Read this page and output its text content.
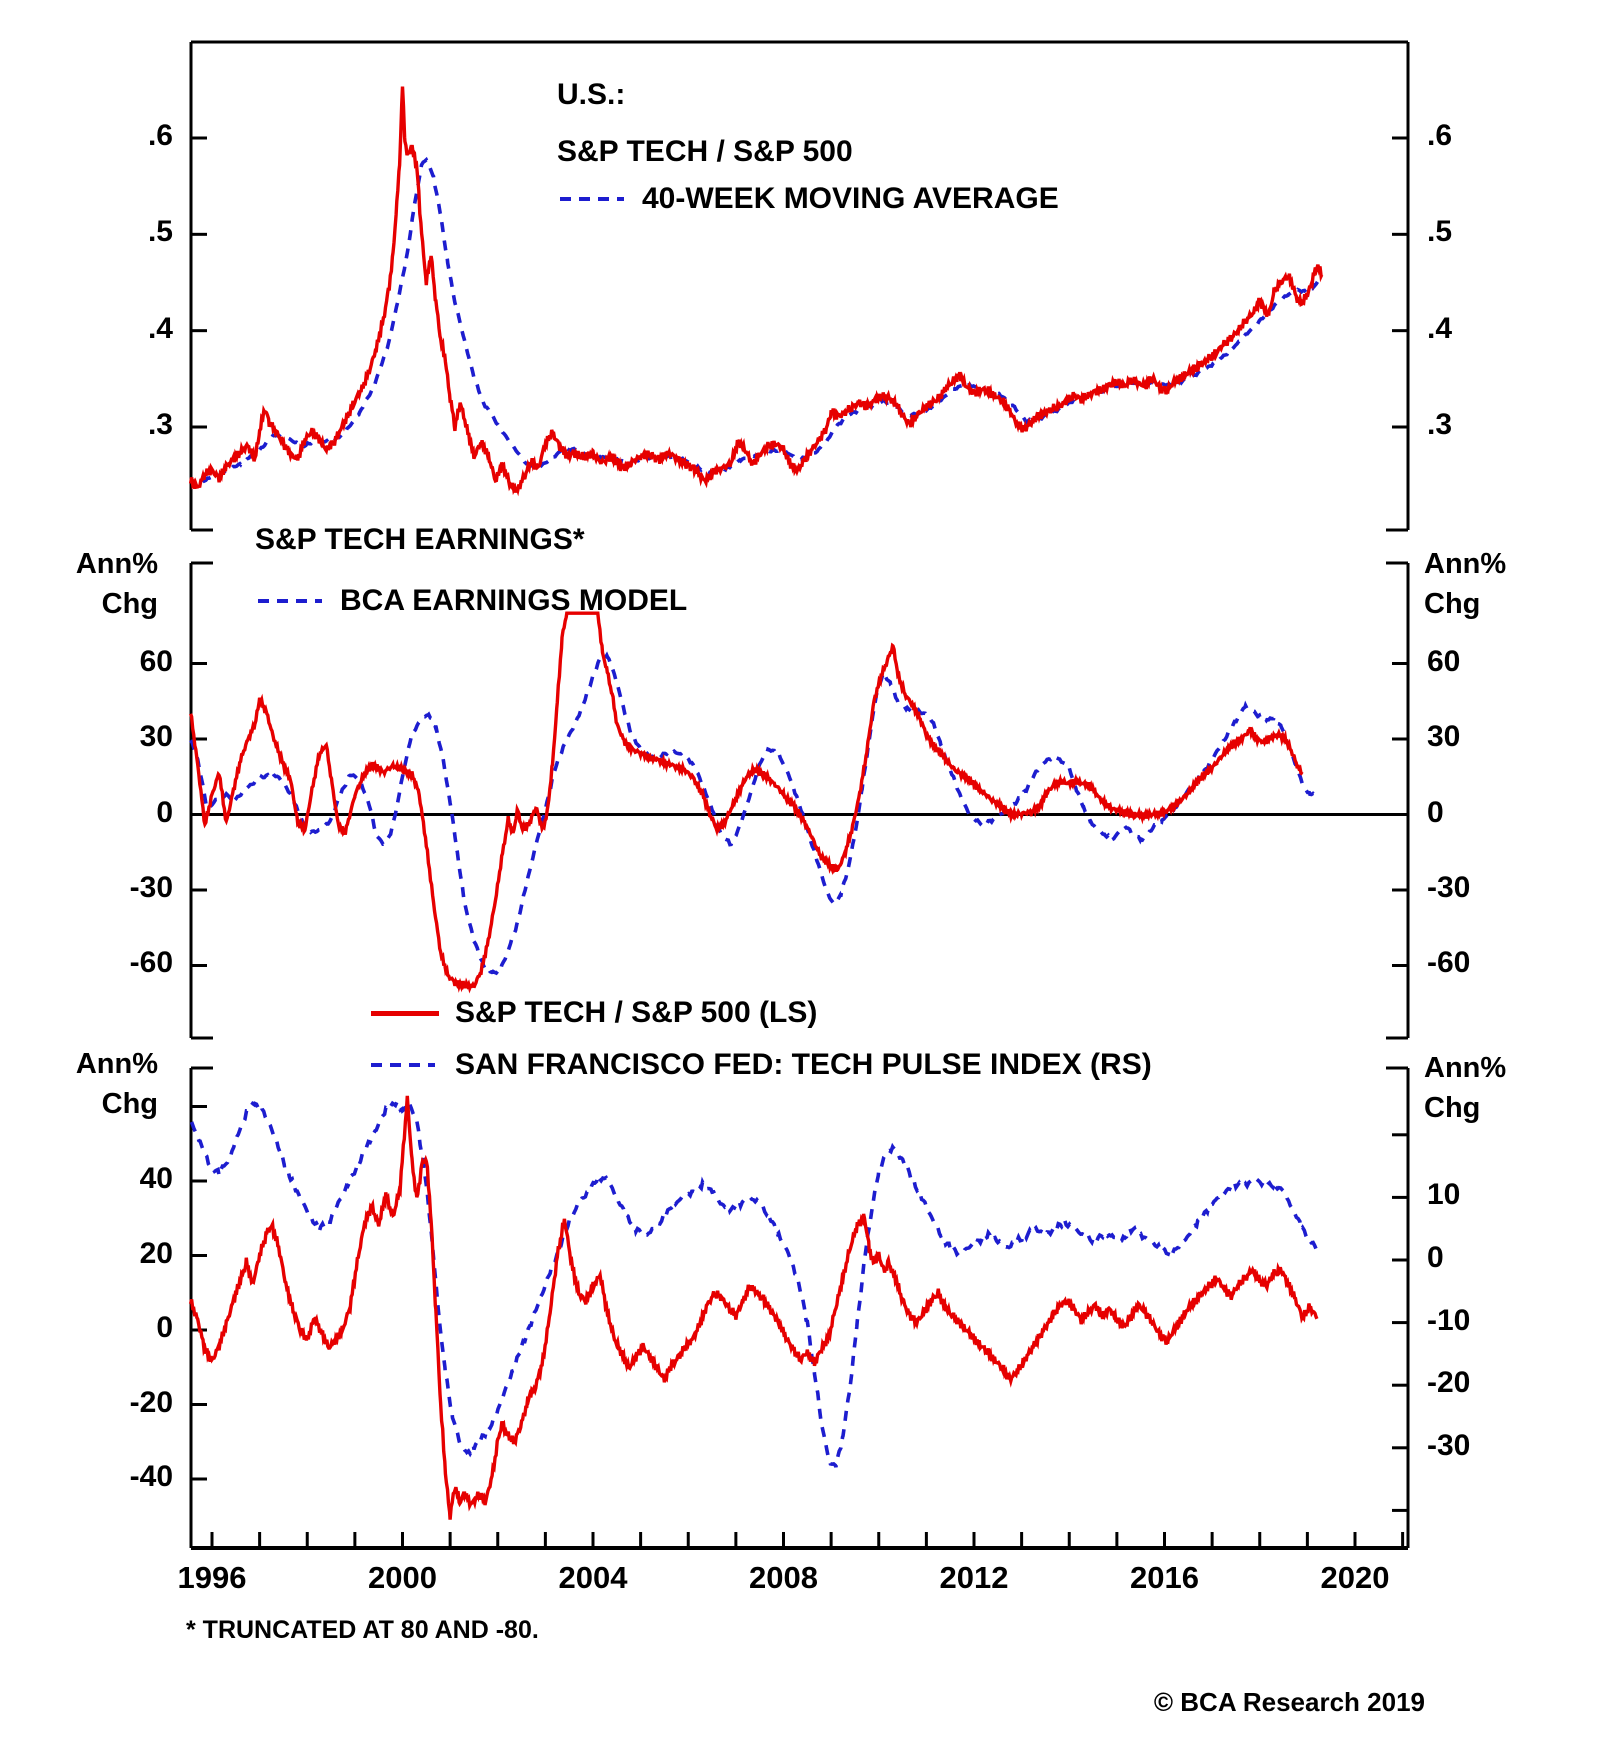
U.S.:
S&P TECH / S&P 500
40-WEEK MOVING AVERAGE
S&P TECH EARNINGS*
BCA EARNINGS MODEL
S&P TECH / S&P 500 (LS)
SAN FRANCISCO FED: TECH PULSE INDEX (RS)
Ann%
Chg
Ann%
Chg
Ann%
Chg
Ann%
Chg
* TRUNCATED AT 80 AND -80.
© BCA Research 2019
.6	.6
.5	.5
.4	.4
.3	.3
60	60
30	30
0	0
-30	-30
-60	-60
40
20
0
-20
-40
10
0
-10
-20
-30
1996	2000	2004	2008	2012	2016	2020
